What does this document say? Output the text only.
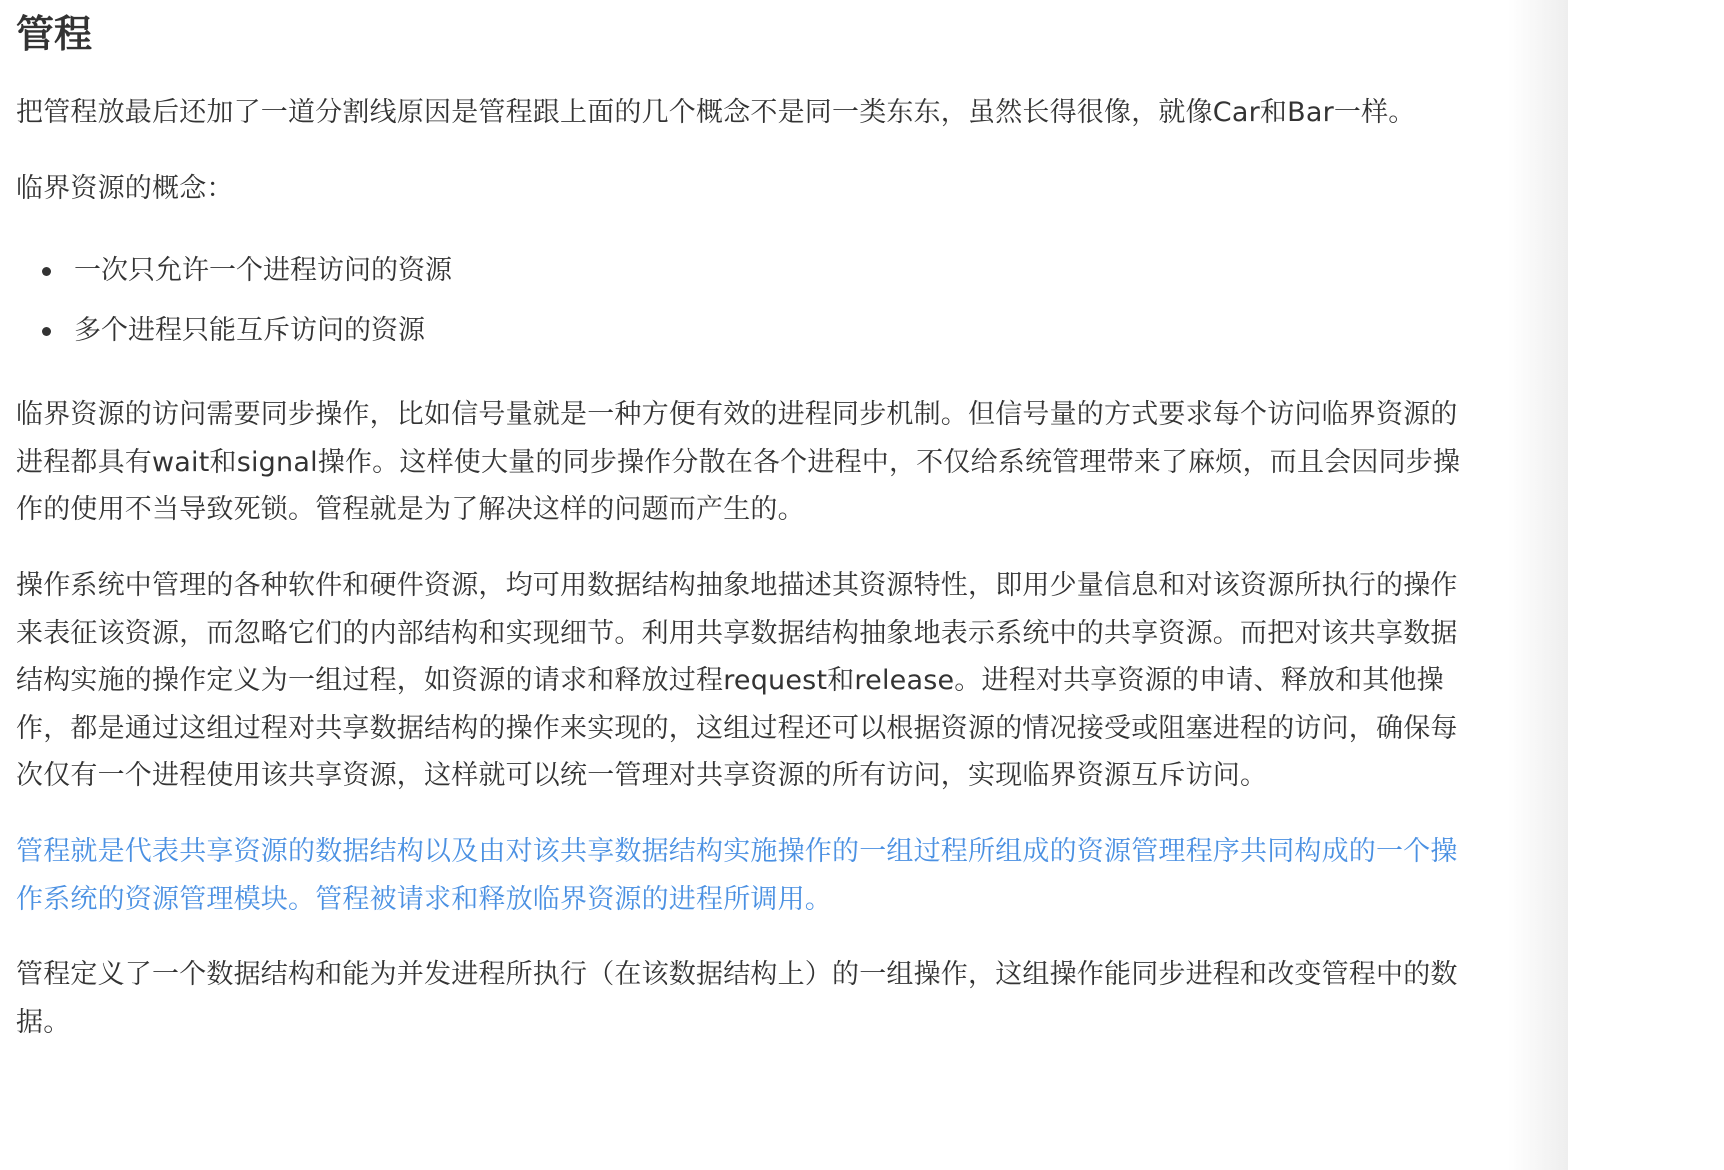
管程

把管程放最后还加了一道分割线原因是管程跟上面的几个概念不是同一类东东，虽然长得很像，就像Car和Bar一样。

临界资源的概念：

一次只允许一个进程访问的资源
多个进程只能互斥访问的资源

临界资源的访问需要同步操作，比如信号量就是一种方便有效的进程同步机制。但信号量的方式要求每个访问临界资源的
进程都具有wait和signal操作。这样使大量的同步操作分散在各个进程中，不仅给系统管理带来了麻烦，而且会因同步操
作的使用不当导致死锁。管程就是为了解决这样的问题而产生的。

操作系统中管理的各种软件和硬件资源，均可用数据结构抽象地描述其资源特性，即用少量信息和对该资源所执行的操作
来表征该资源，而忽略它们的内部结构和实现细节。利用共享数据结构抽象地表示系统中的共享资源。而把对该共享数据
结构实施的操作定义为一组过程，如资源的请求和释放过程request和release。进程对共享资源的申请、释放和其他操
作，都是通过这组过程对共享数据结构的操作来实现的，这组过程还可以根据资源的情况接受或阻塞进程的访问，确保每
次仅有一个进程使用该共享资源，这样就可以统一管理对共享资源的所有访问，实现临界资源互斥访问。

管程就是代表共享资源的数据结构以及由对该共享数据结构实施操作的一组过程所组成的资源管理程序共同构成的一个操
作系统的资源管理模块。管程被请求和释放临界资源的进程所调用。

管程定义了一个数据结构和能为并发进程所执行（在该数据结构上）的一组操作，这组操作能同步进程和改变管程中的数
据。
